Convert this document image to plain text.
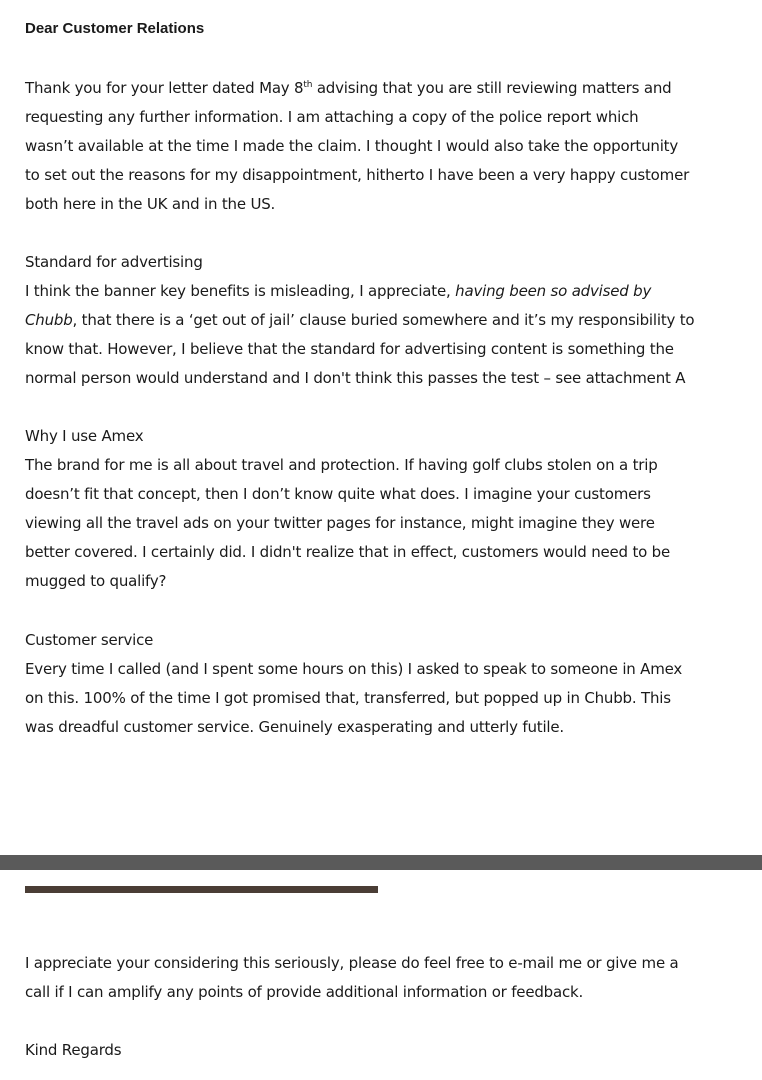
Dear Customer Relations

Thank you for your letter dated May 8th advising that you are still reviewing matters and
requesting any further information. I am attaching a copy of the police report which
wasn’t available at the time I made the claim. I thought I would also take the opportunity
to set out the reasons for my disappointment, hitherto I have been a very happy customer
both here in the UK and in the US.

Standard for advertising
I think the banner key benefits is misleading, I appreciate, having been so advised by
Chubb, that there is a ‘get out of jail’ clause buried somewhere and it’s my responsibility to
know that. However, I believe that the standard for advertising content is something the
normal person would understand and I don't think this passes the test – see attachment A

Why I use Amex
The brand for me is all about travel and protection. If having golf clubs stolen on a trip
doesn’t fit that concept, then I don’t know quite what does. I imagine your customers
viewing all the travel ads on your twitter pages for instance, might imagine they were
better covered. I certainly did. I didn't realize that in effect, customers would need to be
mugged to qualify?

Customer service
Every time I called (and I spent some hours on this) I asked to speak to someone in Amex
on this. 100% of the time I got promised that, transferred, but popped up in Chubb. This
was dreadful customer service. Genuinely exasperating and utterly futile.

I appreciate your considering this seriously, please do feel free to e-mail me or give me a
call if I can amplify any points of provide additional information or feedback.

Kind Regards
